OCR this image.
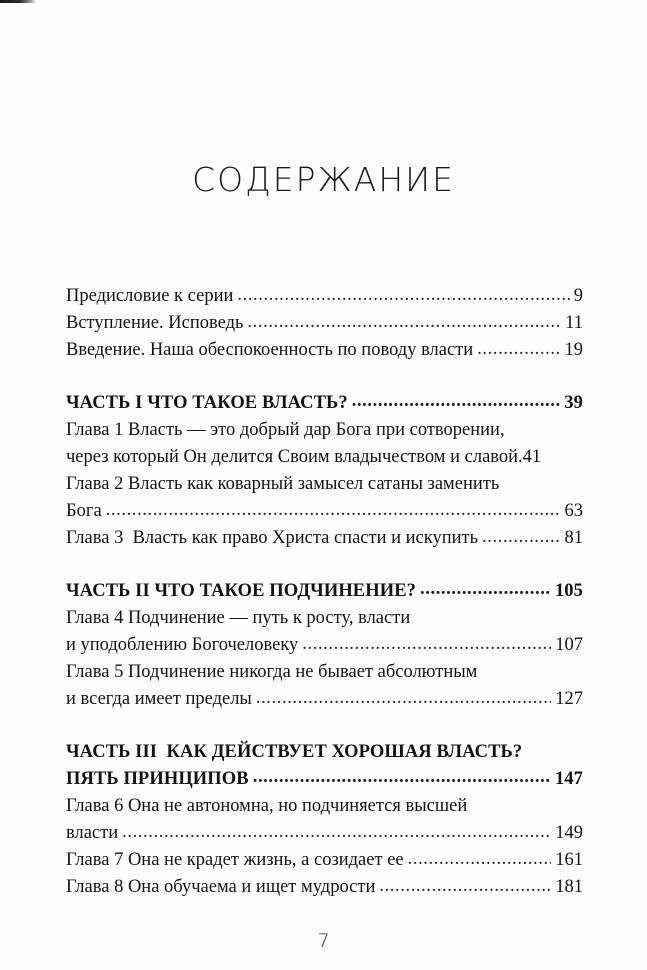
СОДЕРЖАНИЕ
Предисловие к серии .....	9
Вступление. Исповедь .....	11
Введение. Наша обеспокоенность по поводу власти .....	19
ЧАСТЬ I ЧТО ТАКОЕ ВЛАСТЬ? .....	39
Глава 1 Власть — это добрый дар Бога при сотворении,
через который Он делится Своим владычеством и славой. 41
Глава 2 Власть как коварный замысел сатаны заменить
Бога .....	63
Глава 3  Власть как право Христа спасти и искупить .....	81
ЧАСТЬ II ЧТО ТАКОЕ ПОДЧИНЕНИЕ? .....	105
Глава 4 Подчинение — путь к росту, власти
и уподоблению Богочеловеку .....	107
Глава 5 Подчинение никогда не бывает абсолютным
и всегда имеет пределы .....	127
ЧАСТЬ III  КАК ДЕЙСТВУЕТ ХОРОШАЯ ВЛАСТЬ?
ПЯТЬ ПРИНЦИПОВ .....	147
Глава 6 Она не автономна, но подчиняется высшей
власти .....	149
Глава 7 Она не крадет жизнь, а созидает ее .....	161
Глава 8 Она обучаема и ищет мудрости .....	181
7
